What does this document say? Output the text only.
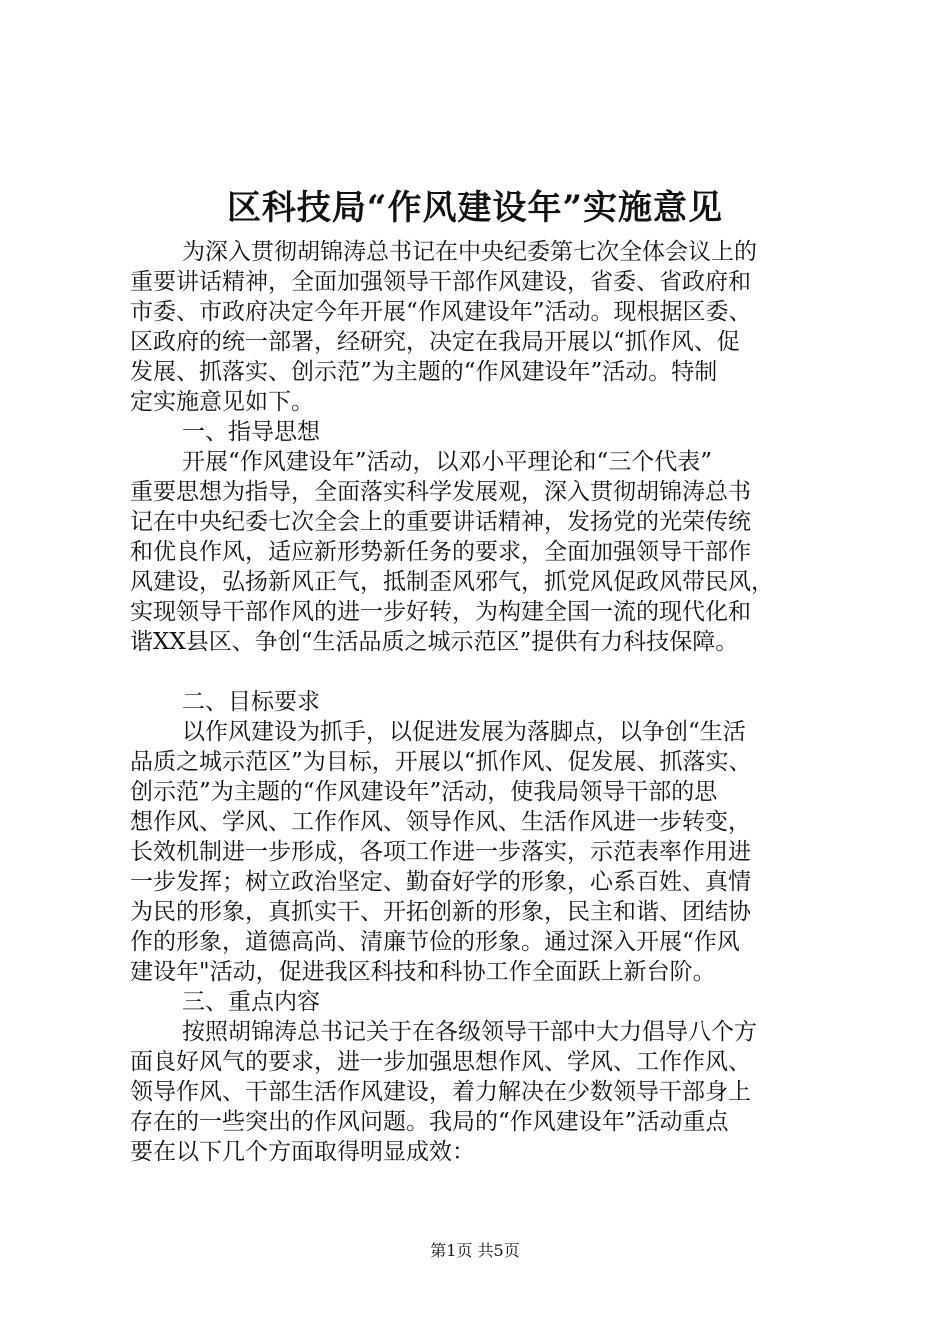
区科技局“作风建设年”实施意见
为深入贯彻胡锦涛总书记在中央纪委第七次全体会议上的
重要讲话精神，全面加强领导干部作风建设，省委、省政府和
市委、市政府决定今年开展“作风建设年”活动。现根据区委、
区政府的统一部署，经研究，决定在我局开展以“抓作风、促
发展、抓落实、创示范”为主题的“作风建设年”活动。特制
定实施意见如下。
一、指导思想
开展“作风建设年”活动，以邓小平理论和“三个代表”
重要思想为指导，全面落实科学发展观，深入贯彻胡锦涛总书
记在中央纪委七次全会上的重要讲话精神，发扬党的光荣传统
和优良作风，适应新形势新任务的要求，全面加强领导干部作
风建设，弘扬新风正气，抵制歪风邪气，抓党风促政风带民风，
实现领导干部作风的进一步好转，为构建全国一流的现代化和
谐XX县区、争创“生活品质之城示范区”提供有力科技保障。
二、目标要求
以作风建设为抓手，以促进发展为落脚点，以争创“生活
品质之城示范区”为目标，开展以“抓作风、促发展、抓落实、
创示范”为主题的“作风建设年”活动，使我局领导干部的思
想作风、学风、工作作风、领导作风、生活作风进一步转变，
长效机制进一步形成，各项工作进一步落实，示范表率作用进
一步发挥；树立政治坚定、勤奋好学的形象，心系百姓、真情
为民的形象，真抓实干、开拓创新的形象，民主和谐、团结协
作的形象，道德高尚、清廉节俭的形象。通过深入开展“作风
建设年"活动，促进我区科技和科协工作全面跃上新台阶。
三、重点内容
按照胡锦涛总书记关于在各级领导干部中大力倡导八个方
面良好风气的要求，进一步加强思想作风、学风、工作作风、
领导作风、干部生活作风建设，着力解决在少数领导干部身上
存在的一些突出的作风问题。我局的“作风建设年”活动重点
要在以下几个方面取得明显成效：
第1页 共5页
